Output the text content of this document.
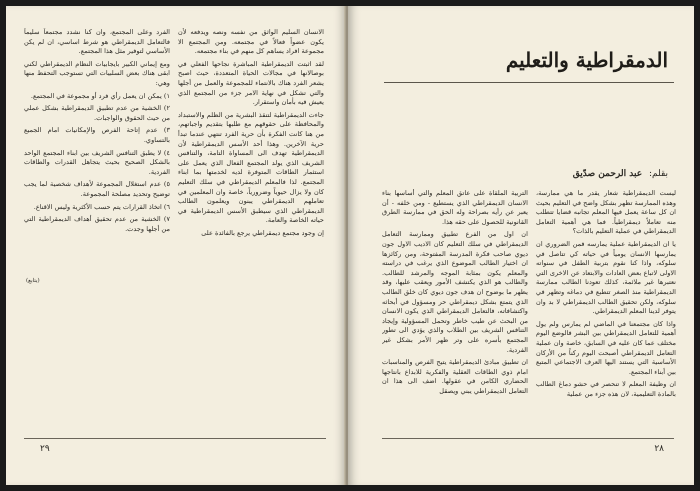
الانسان السليم الواثق من نفسه ونصه ويدفعه لأن يكون عضواً فعالاً في مجتمعه. ومن المجتمع الا مجموعة افراد يساهم كل منهم في بناء مجتمعه.

لقد اثبتت الديمقراطية المباشرة نجاحها الفعلي في بوصالانها في مجالات الحياة المتعددة، حيث اصبح يشعر الفرد هناك بالانتماء للمجموعة والعمل من أجلها والتي تشكل في نهاية الامر جزء من المجتمع الذي يعيش فيه بأمان واستقرار.

جاءت الديمقراطية لتنقذ البشرية من الظلم والاستبداد والمحافظة على حقوقهم مع طلبها بتقديم واجباتهم، من هنا كانت الفكرة بأن حرية الفرد تنتهي عندما تبدأ حرية الآخرين. وهذا أحد الأسس الديمقراطية لأن الديمقراطية تهدف الى المساواة التامة، والتنافس الشريف الذي يولد المجتمع الفعال الذي يعمل على استثمار الطاقات المتوفرة لديه لخدمتها بما ابناء المجتمع. لذا فالمعلم الديمقراطي في سلك التعليم كان ولا يزال حيوياً وضرورياً، خاصة وان المعلمين في تعاملهم الديمقراطي يبنون ويعلمون الطالب الديمقراطي الذي سيطبق الأسس الديمقراطية في حياته الخاصة والعامة.

إن وجود مجتمع ديمقراطي يرجع بالفائدة على

الفرد وعلى المجتمع، وان كنا نشدد مجتمعاً سليماً فالتعامل الديمقراطي هو شرط اساسي، ان لم يكن الأساسي لتوفير مثل هذا المجتمع.

ومع إيماني الكبير بايجابيات النظام الديمقراطي لكني ابقى هناك بعض السلبيات التي تستوجب التحفظ منها وهي:

١) يمكن ان يعمل رأي فرد أو مجموعة في المجتمع.

٢) الخشية من عدم تطبيق الديمقراطية بشكل عملي من حيث الحقوق والواجبات.

٣) عدم إتاحة الفرص والإمكانيات امام الجميع بالتساوي.

٤) لا يطبق التنافس الشريف بين ابناء المجتمع الواحد بالشكل الصحيح بحيث يتجاهل القدرات والطاقات الفردية.

٥) عدم استغلال المجموعة لأهداف شخصية لما يجب توضيح وتحديد مصلحة المجموعة.

٦) اتخاذ القرارات يتم حسب الأكثرية وليس الاقناع.

٧) الخشية من عدم تحقيق أهداف الديمقراطية التي من أجلها وجدت.

(يتابع)
٢٩
الدمقراطية والتعليم
بقلم: عبد الرحمن صدّيق

ليست الديمقراطية شعار يقدر ما هي ممارسة، وهذه الممارسة تظهر بشكل واضح في التعليم بحيث ان كل ساعة يعمل فيها المعلم تجانبه قضايا تتطلب منه تعاملاً ديمقراطياً. فما هي أهمية التعامل الديمقراطي في عملية التعليم بالذات؟

يا ان الديمقراطية عملية يمارسه فمن الضروري ان يمارسها الانسان يومياً في حياته كي تتاصل في سلوكه، واذا كنا نقوم بتربية الطفل في سنواته الاولى لاتباع بعض العادات والابتعاد عن الاخرى التي نعتبرها غير ملائمة، كذلك تعودنا الطالب ممارسة الديمقراطية منذ الصغر تتطبع في دماغه وتظهر في سلوكه، ولكن تحقيق الطالب الديمقراطي لا بد وان يتوفر لدينا المعلم الديمقراطي.

واذا كان مجتمعنا في الماضي لم يمارس ولم يول أهمية للتعامل الديمقراطي بين البشر فالوضع اليوم مختلف عما كان عليه في السابق، خاصة وان عملية التعامل الديمقراطي أصبحت اليوم ركناً من الأركان الأساسية التي يستند اليها العرف الاجتماعي المتبع بين أبناء المجتمع.

ان وظيفة المعلم لا تنحصر في حشو دماغ الطالب بالمادة التعليمية، لان هذه جزء من عملية

التربية الملقاة على عاتق المعلم والتي أساسها بناء الانسان الديمقراطي الذي يستطيع - ومن خلفه - أن يعبر عن رأيه بصراحة وله الحق في ممارسة الطرق القانونية للحصول على حقه هذا.

ان اول من الفرع تطبيق وممارسة التعامل الديمقراطي في سلك التعليم كان الاديب الاول جون ديوي صاحب فكرة المدرسة المفتوحة، ومن ركائزها ان اختيار الطالب الموضوع الذي يرغب في دراسته والمعلم يكون بمثابة الموجه والمرشد للطالب. والطالب هو الذي يكتشف الأمور ويعقب عليها، وقد يظهر ما بوضوح ان هدف جون ديوي كان خلق الطالب الذي يتمتع بشكل ديمقراطي حر ومسؤول في أبحاثه واكتشافاته، فالتعامل الديمقراطي الذي يكون الانسان من البحث عن طيب خاطر وتحمل المسؤولية وإيجاد التنافس الشريف بين الطلاب والذي يؤدي الى تطور المجتمع بأسره على وتر ظهر الأمر بشكل غير الفردية.

ان تطبيق مبادئ الديمقراطية يتيح الفرص والمناسبات امام ذوي الطاقات العقلية والفكرية للابداع بانتاجها الحضاري الكامن في عقولها. اضف الى هذا ان التعامل الديمقراطي يبني ويصقل

٢٨
